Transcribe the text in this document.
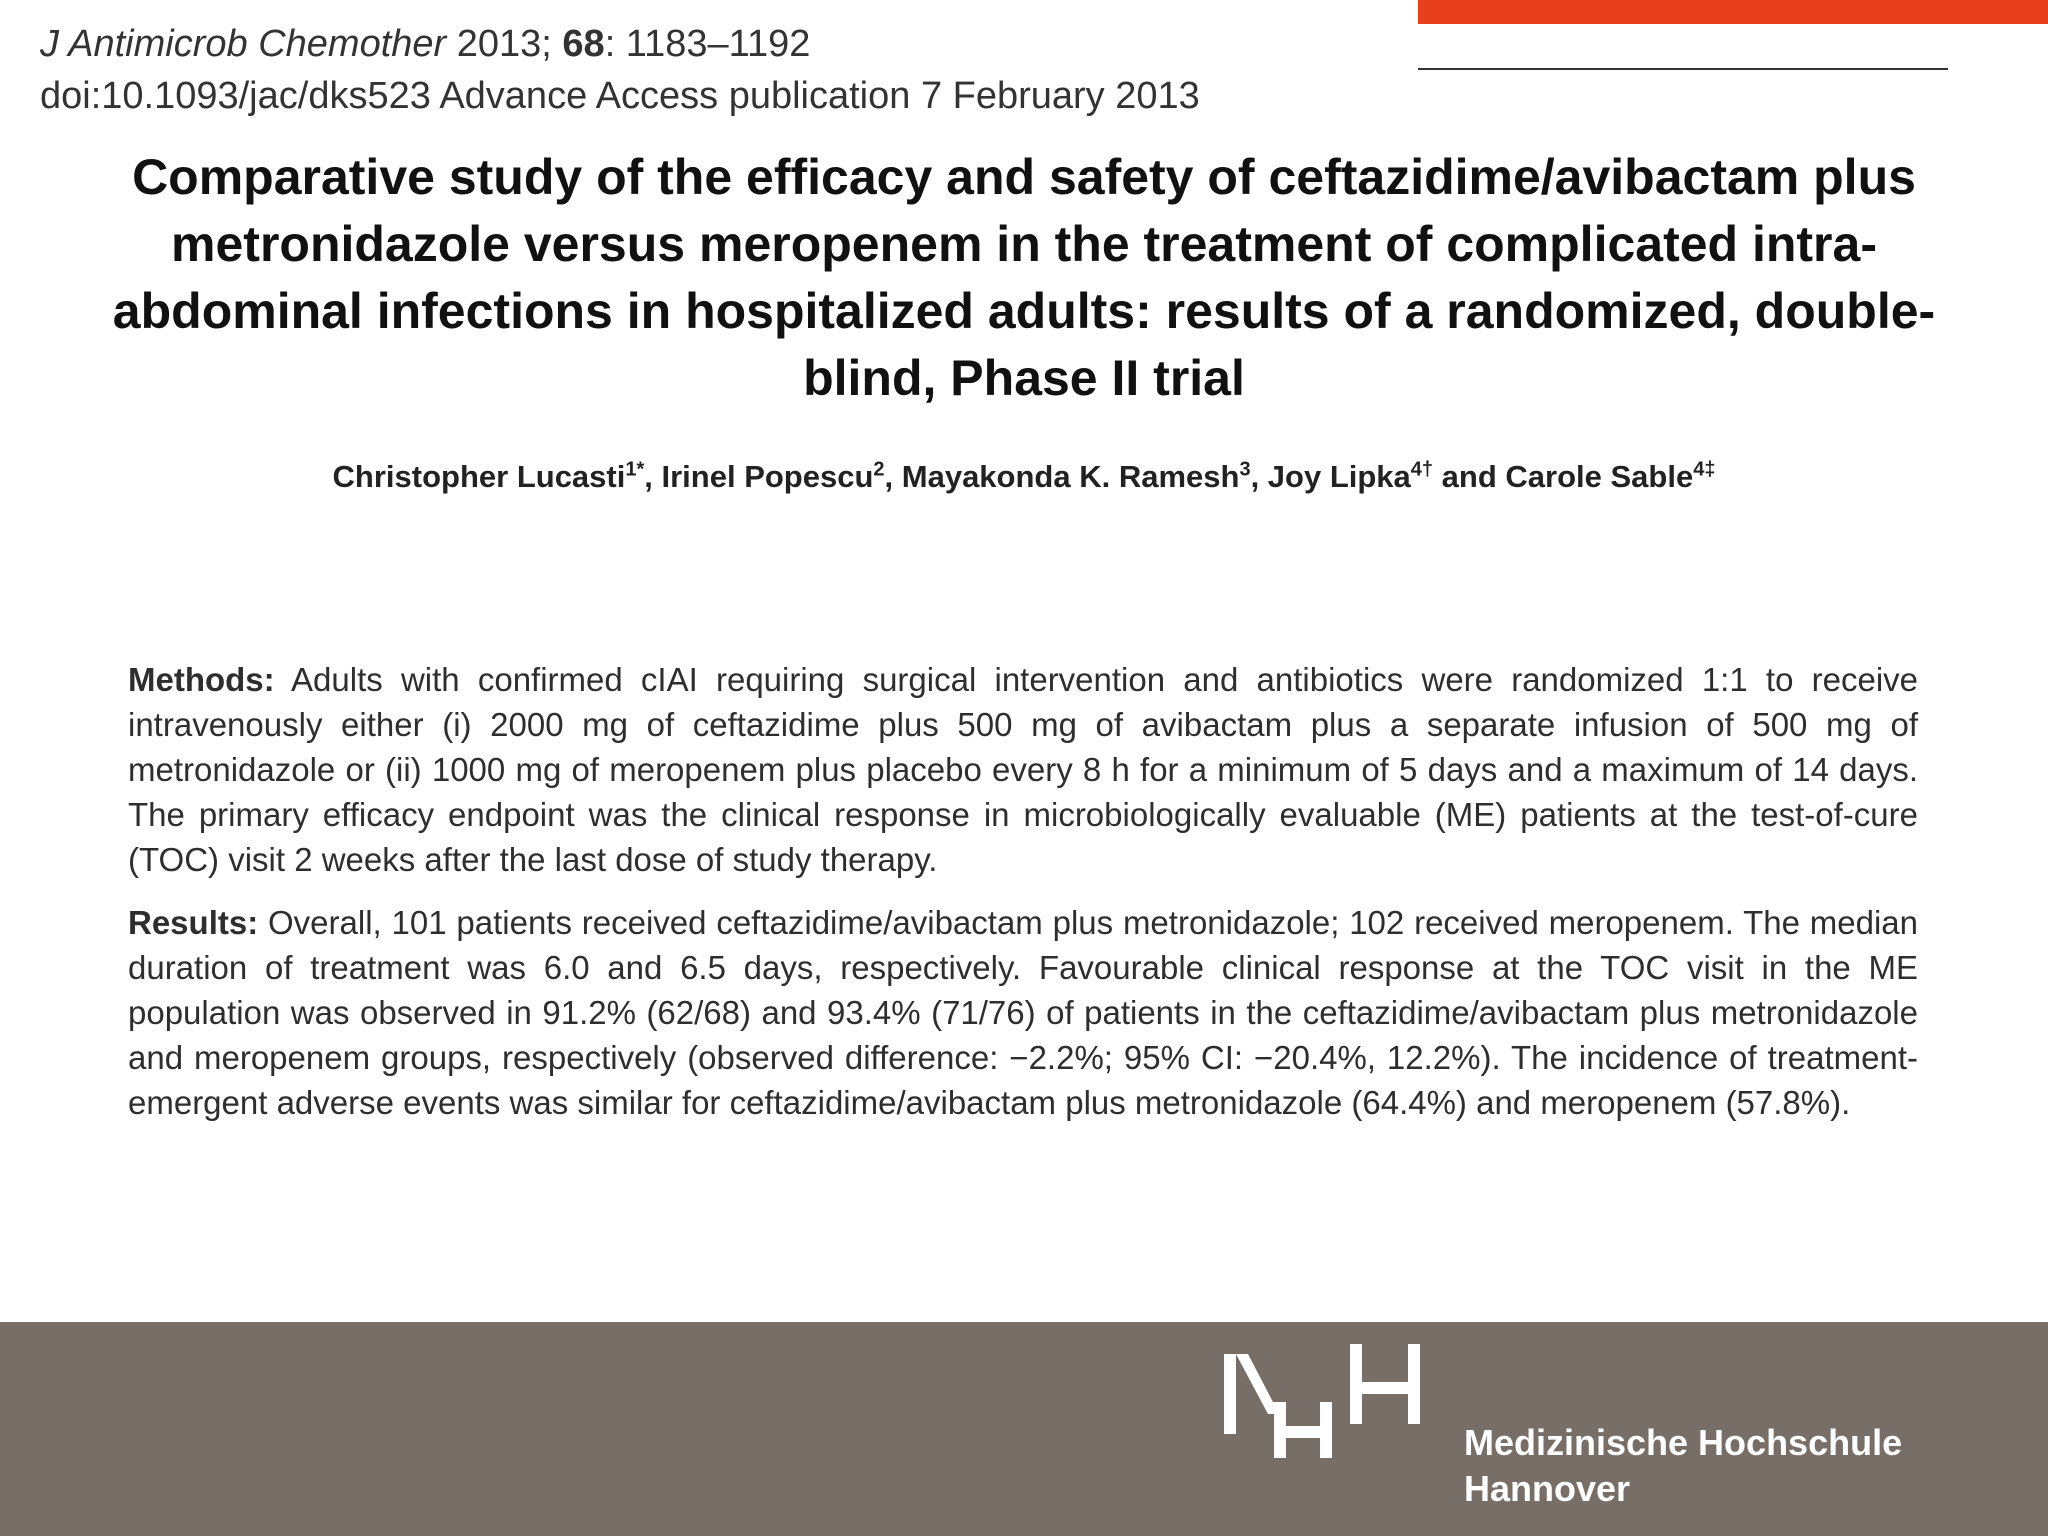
J Antimicrob Chemother 2013; 68: 1183–1192
doi:10.1093/jac/dks523 Advance Access publication 7 February 2013
Comparative study of the efficacy and safety of ceftazidime/avibactam plus metronidazole versus meropenem in the treatment of complicated intra-abdominal infections in hospitalized adults: results of a randomized, double-blind, Phase II trial
Christopher Lucasti$^{1*}$, Irinel Popescu$^2$, Mayakonda K. Ramesh$^3$, Joy Lipka$^{4\dagger}$ and Carole Sable$^{4\ddagger}$

Methods: Adults with confirmed cIAI requiring surgical intervention and antibiotics were randomized 1:1 to receive intravenously either (i) 2000 mg of ceftazidime plus 500 mg of avibactam plus a separate infusion of 500 mg of metronidazole or (ii) 1000 mg of meropenem plus placebo every 8 h for a minimum of 5 days and a maximum of 14 days. The primary efficacy endpoint was the clinical response in microbiologically evaluable (ME) patients at the test-of-cure (TOC) visit 2 weeks after the last dose of study therapy.

Results: Overall, 101 patients received ceftazidime/avibactam plus metronidazole; 102 received meropenem. The median duration of treatment was 6.0 and 6.5 days, respectively. Favourable clinical response at the TOC visit in the ME population was observed in 91.2% (62/68) and 93.4% (71/76) of patients in the ceftazidime/avibactam plus metronidazole and meropenem groups, respectively (observed difference: −2.2%; 95% CI: −20.4%, 12.2%). The incidence of treatment-emergent adverse events was similar for ceftazidime/avibactam plus metronidazole (64.4%) and meropenem (57.8%).

Medizinische Hochschule
Hannover
